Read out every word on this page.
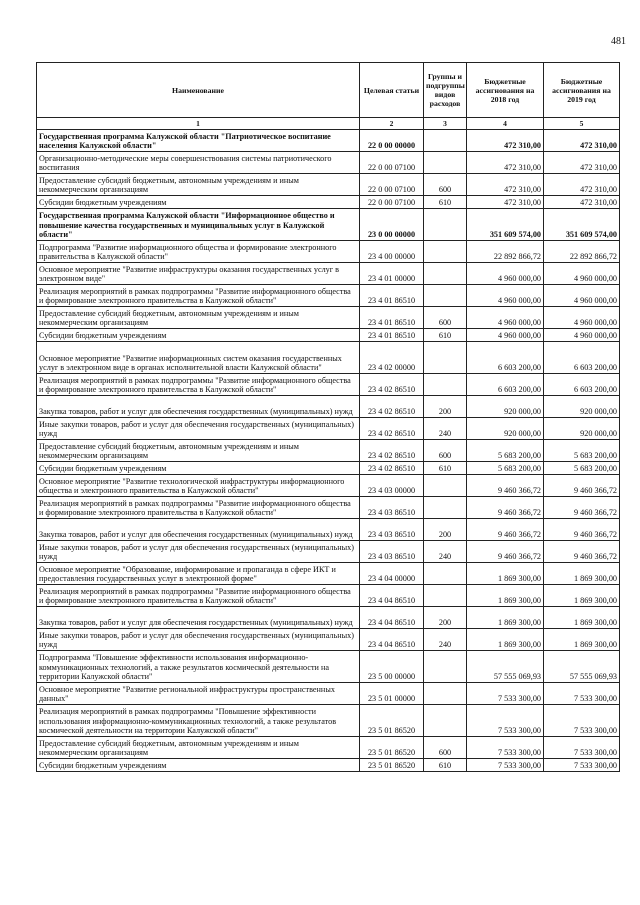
481
Наименование	Целевая статьи	Группы и подгруппы видов расходов	Бюджетные ассигнования на 2018 год	Бюджетные ассигнования на 2019 год
1	2	3	4	5
Государственная программа Калужской области "Патриотическое воспитание населения Калужской области"	22 0 00 00000		472 310,00	472 310,00
Организационно-методические меры совершенствования системы патриотического воспитания	22 0 00 07100		472 310,00	472 310,00
Предоставление субсидий бюджетным, автономным учреждениям и иным некоммерческим организациям	22 0 00 07100	600	472 310,00	472 310,00
Субсидии бюджетным учреждениям	22 0 00 07100	610	472 310,00	472 310,00
Государственная программа Калужской области "Информационное общество и повышение качества государственных и муниципальных услуг в Калужской области"	23 0 00 00000		351 609 574,00	351 609 574,00
Подпрограмма "Развитие информационного общества и формирование электронного правительства в Калужской области"	23 4 00 00000		22 892 866,72	22 892 866,72
Основное мероприятие "Развитие инфраструктуры оказания государственных услуг в электронном виде"	23 4 01 00000		4 960 000,00	4 960 000,00
Реализация мероприятий в рамках подпрограммы "Развитие информационного общества и формирование электронного правительства в Калужской области"	23 4 01 86510		4 960 000,00	4 960 000,00
Предоставление субсидий бюджетным, автономным учреждениям и иным некоммерческим организациям	23 4 01 86510	600	4 960 000,00	4 960 000,00
Субсидии бюджетным учреждениям	23 4 01 86510	610	4 960 000,00	4 960 000,00
Основное мероприятие "Развитие информационных систем оказания государственных услуг в электронном виде в органах исполнительной власти Калужской области"	23 4 02 00000		6 603 200,00	6 603 200,00
Реализация мероприятий в рамках подпрограммы "Развитие информационного общества и формирование электронного правительства в Калужской области"	23 4 02 86510		6 603 200,00	6 603 200,00
Закупка товаров, работ и услуг для обеспечения государственных (муниципальных) нужд	23 4 02 86510	200	920 000,00	920 000,00
Иные закупки товаров, работ и услуг для обеспечения государственных (муниципальных) нужд	23 4 02 86510	240	920 000,00	920 000,00
Предоставление субсидий бюджетным, автономным учреждениям и иным некоммерческим организациям	23 4 02 86510	600	5 683 200,00	5 683 200,00
Субсидии бюджетным учреждениям	23 4 02 86510	610	5 683 200,00	5 683 200,00
Основное мероприятие "Развитие технологической инфраструктуры информационного общества и электронного правительства в Калужской области"	23 4 03 00000		9 460 366,72	9 460 366,72
Реализация мероприятий в рамках подпрограммы "Развитие информационного общества и формирование электронного правительства в Калужской области"	23 4 03 86510		9 460 366,72	9 460 366,72
Закупка товаров, работ и услуг для обеспечения государственных (муниципальных) нужд	23 4 03 86510	200	9 460 366,72	9 460 366,72
Иные закупки товаров, работ и услуг для обеспечения государственных (муниципальных) нужд	23 4 03 86510	240	9 460 366,72	9 460 366,72
Основное мероприятие "Образование, информирование и пропаганда в сфере ИКТ и предоставления государственных услуг в электронной форме"	23 4 04 00000		1 869 300,00	1 869 300,00
Реализация мероприятий в рамках подпрограммы "Развитие информационного общества и формирование электронного правительства в Калужской области"	23 4 04 86510		1 869 300,00	1 869 300,00
Закупка товаров, работ и услуг для обеспечения государственных (муниципальных) нужд	23 4 04 86510	200	1 869 300,00	1 869 300,00
Иные закупки товаров, работ и услуг для обеспечения государственных (муниципальных) нужд	23 4 04 86510	240	1 869 300,00	1 869 300,00
Подпрограмма "Повышение эффективности использования информационно-коммуникационных технологий, а также результатов космической деятельности на территории Калужской области"	23 5 00 00000		57 555 069,93	57 555 069,93
Основное мероприятие "Развитие региональной инфраструктуры пространственных данных"	23 5 01 00000		7 533 300,00	7 533 300,00
Реализация мероприятий в рамках подпрограммы "Повышение эффективности использования информационно-коммуникационных технологий, а также результатов космической деятельности на территории Калужской области"	23 5 01 86520		7 533 300,00	7 533 300,00
Предоставление субсидий бюджетным, автономным учреждениям и иным некоммерческим организациям	23 5 01 86520	600	7 533 300,00	7 533 300,00
Субсидии бюджетным учреждениям	23 5 01 86520	610	7 533 300,00	7 533 300,00
